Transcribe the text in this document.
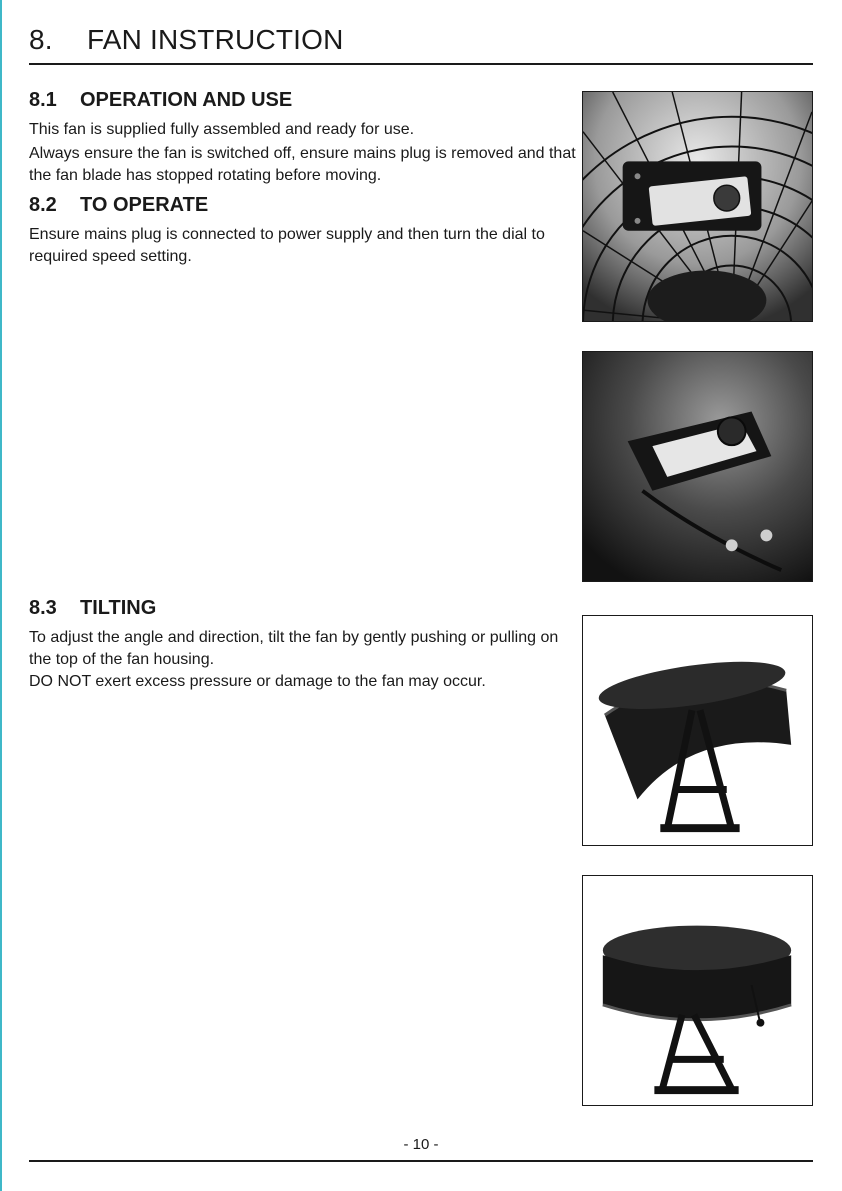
8. FAN INSTRUCTION
8.1 OPERATION AND USE

This fan is supplied fully assembled and ready for use.

Always ensure the fan is switched off, ensure mains plug is removed and that the fan blade has stopped rotating before moving.

8.2 TO OPERATE

Ensure mains plug is connected to power supply and then turn the dial to required speed setting.

8.3 TILTING

To adjust the angle and direction, tilt the fan by gently pushing or pulling on the top of the fan housing.

DO NOT exert excess pressure or damage to the fan may occur.

- 10 -
